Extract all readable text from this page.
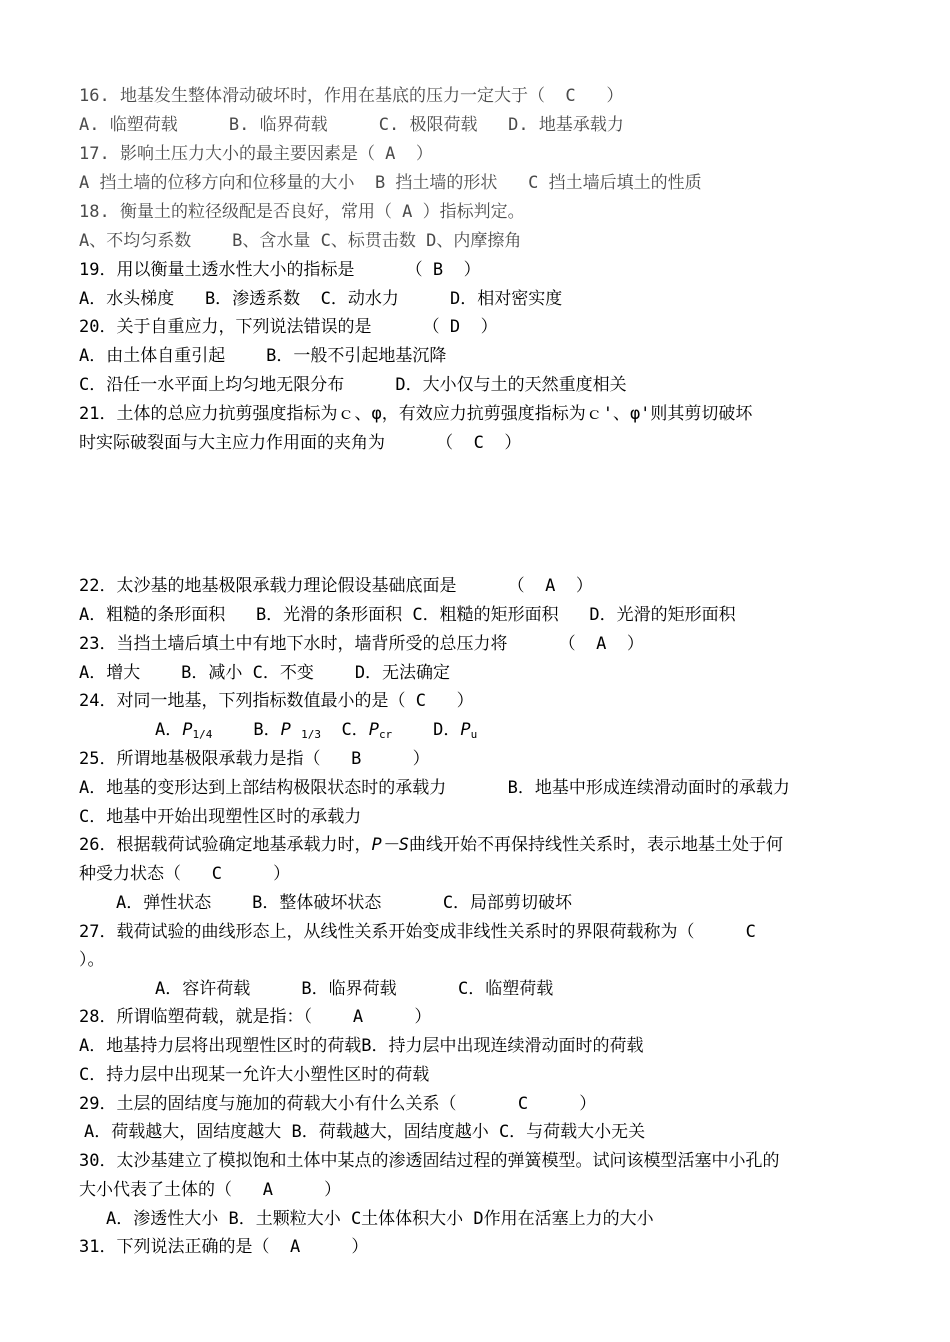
16. 地基发生整体滑动破坏时，作用在基底的压力一定大于（  C   ）
A. 临塑荷载     B. 临界荷载     C. 极限荷载   D. 地基承载力
17. 影响土压力大小的最主要因素是（ A  ）
A 挡土墙的位移方向和位移量的大小  B 挡土墙的形状   C 挡土墙后填土的性质
18. 衡量土的粒径级配是否良好，常用（ A ）指标判定。
A、不均匀系数    B、含水量 C、标贯击数 D、内摩擦角
19．用以衡量土透水性大小的指标是     （ B  ）
A．水头梯度   B．渗透系数  C．动水力     D．相对密实度
20．关于自重应力，下列说法错误的是     （ D  ）
A．由土体自重引起    B．一般不引起地基沉降
C．沿任一水平面上均匀地无限分布     D．大小仅与土的天然重度相关
21．土体的总应力抗剪强度指标为ｃ、φ，有效应力抗剪强度指标为ｃ'、φ'则其剪切破坏
时实际破裂面与大主应力作用面的夹角为     （  C  ）
22．太沙基的地基极限承载力理论假设基础底面是     （  A  ）
A．粗糙的条形面积   B．光滑的条形面积 C．粗糙的矩形面积   D．光滑的矩形面积
23．当挡土墙后填土中有地下水时，墙背所受的总压力将     （  A  ）
A．增大    B．减小 C．不变    D．无法确定
24．对同一地基，下列指标数值最小的是（ C   ）
A．$P_{1/4}$ B．P $_{1/3}$ C．$P_{cr}$ D．$P_u$
25．所谓地基极限承载力是指（   B     ）
A．地基的变形达到上部结构极限状态时的承载力      B．地基中形成连续滑动面时的承载力
C．地基中开始出现塑性区时的承载力
26．根据载荷试验确定地基承载力时，P－S曲线开始不再保持线性关系时，表示地基土处于何
种受力状态（   C     ）
A．弹性状态    B．整体破坏状态      C．局部剪切破坏
27．载荷试验的曲线形态上，从线性关系开始变成非线性关系时的界限荷载称为（     C
）。
A．容许荷载     B．临界荷载      C．临塑荷载
28．所谓临塑荷载，就是指：（    A     ）
A．地基持力层将出现塑性区时的荷载B．持力层中出现连续滑动面时的荷载
C．持力层中出现某一允许大小塑性区时的荷载
29．土层的固结度与施加的荷载大小有什么关系（      C     ）
A．荷载越大，固结度越大 B．荷载越大，固结度越小 C．与荷载大小无关
30．太沙基建立了模拟饱和土体中某点的渗透固结过程的弹簧模型。试问该模型活塞中小孔的
大小代表了土体的（   A     ）
A．渗透性大小 B．土颗粒大小 C土体体积大小 D作用在活塞上力的大小
31．下列说法正确的是（  A     ）
